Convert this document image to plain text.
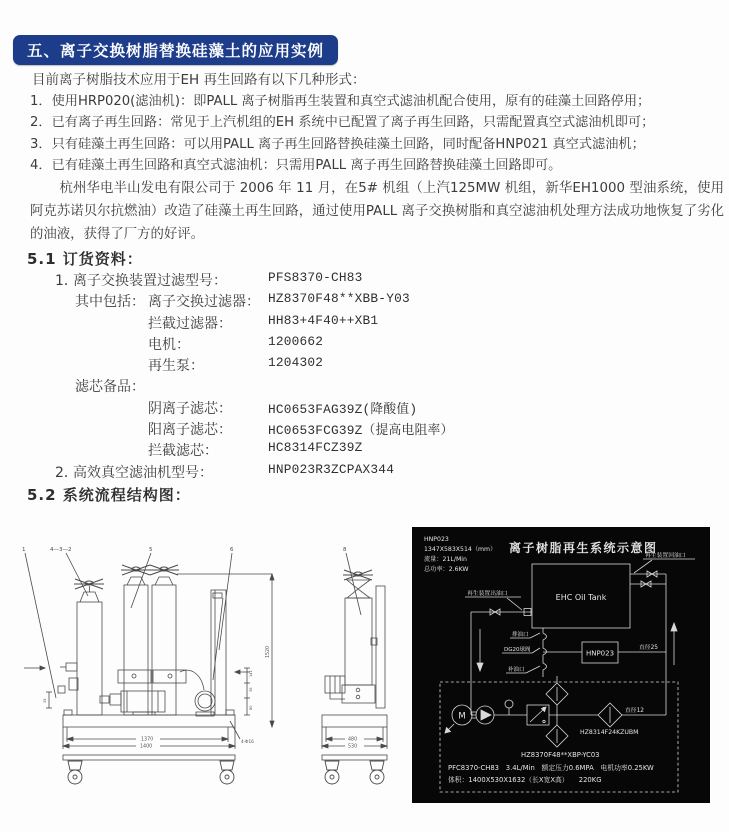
五、离子交换树脂替换硅藻土的应用实例
目前离子树脂技术应用于EH 再生回路有以下几种形式：
1．使用HRP020(滤油机)：即PALL 离子树脂再生装置和真空式滤油机配合使用，原有的硅藻土回路停用；
2．已有离子再生回路：常见于上汽机组的EH 系统中已配置了离子再生回路，只需配置真空式滤油机即可；
3．只有硅藻土再生回路：可以用PALL 离子再生回路替换硅藻土回路，同时配备HNP021 真空式滤油机；
4．已有硅藻土再生回路和真空式滤油机：只需用PALL 离子再生回路替换硅藻土回路即可。
杭州华电半山发电有限公司于 2006 年 11 月，在5# 机组（上汽125MW 机组，新华EH1000 型油系统，使用阿克苏诺贝尔抗燃油）改造了硅藻土再生回路，通过使用PALL 离子交换树脂和真空滤油机处理方法成功地恢复了劣化的油液，获得了厂方的好评。
5.1 订货资料：
1．
离子交换装置过滤型号：	PFS8370-CH83
其中包括： 离子交换过滤器： HZ8370F48**XBB-Y03
拦截过滤器：	HH83+4F40++XB1
电机：	1200662
再生泵：	1204302
滤芯备品：
阴离子滤芯：	HC0653FAG39Z(降酸值)
阳离子滤芯：	HC0653FCG39Z（提高电阻率）
拦截滤芯：	HC8314FCZ39Z
2．
高效真空滤油机型号：	HNP023R3ZCPAX344
5.2 系统流程结构图：
1	4—3—2	5	6	8
1370
1400
480
530
1520
4-Φ16
141
36
80
35
HNP023
1347X583X514（mm）
流量：21L/Min
总功率：2.6KW
离子树脂再生系统示意图
EHC Oil Tank
再生装置回油口
再生装置出油口
排油口
DG20球阀
补油口
HNP023
直径25
直径12
HZ8314F24KZUBM
HZ8370F48**XBP-YC03
PFC8370-CH83　3.4L/Min　额定压力0.6MPA　电机功率0.25KW
体积：1400X530X1632（长X宽X高）　　220KG
M
